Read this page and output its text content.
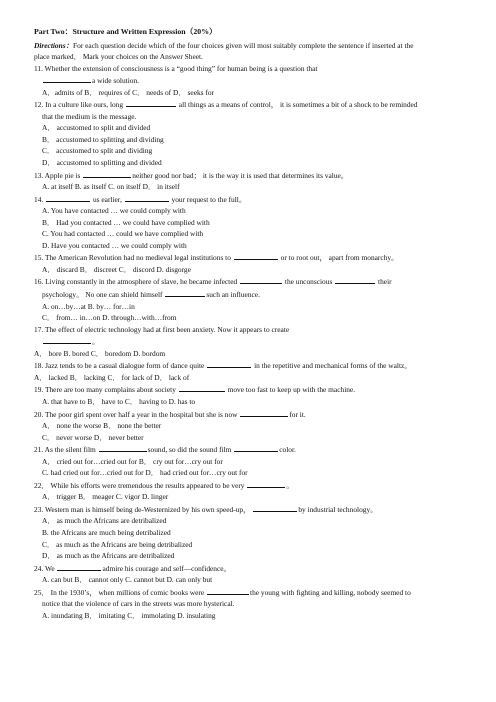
Part Two：Structure and Written Expression（20%）
Directions：For each question decide which of the four choices given will most suitably complete the sentence if inserted at the
place marked． Mark your choices on the Answer Sheet.
11. Whether the extension of consciousness is a “good thing” for human being is a question that
a wide solution.
A．admits of B． requires of C． needs of D． seeks for
12. In a culture like ours, long	all things as a means of control， it is sometimes a bit of a shock to be reminded
that the medium is the message.
A． accustomed to split and divided
B． accustomed to splitting and dividing
C． accustomed to split and dividing
D． accustomed to splitting and divided
13. Apple pie is	neither good nor bad； it is the way it is used that determines its value。
A. at itself B. as itself C. on itself D． in itself
14.	us earlier,	your request to the full。
A. You have contacted … we could comply with
B． Had you contacted … we could have complied with
C. You had contacted … could we have complied with
D. Have you contacted … we could comply with
15. The American Revolution had no medieval legal institutions to	or to root out， apart from monarchy。
A． discard B． discreet C． discord D. disgorge
16. Living constantly in the atmosphere of slave, he became infected	the unconscious	their
psychology。 No one can shield himself	such an influence.
A. on…by…at B. by… for…in
C． from… in…on D. through…with…from
17. The effect of electric technology had at first been anxiety. Now it appears to create
。
A． bore B. bored C． boredom D. bordom
18. Jazz tends to be a casual dialogue form of dance quite	in the repetitive and mechanical forms of the waltz。
A． lacked B． lacking C． for lack of D． lack of
19. There are too many complains about society	move too fast to keep up with the machine.
A. that have to B． have to C． having to D. has to
20. The poor girl spent over half a year in the hospital but she is now	for it.
A． none the worse B． none the better
C． never worse D． never better
21. As the silent film	sound, so did the sound film	color.
A． cried out for…cried out for B． cry out for…cry out for
C. had cried out for…cried out for D． had cried out for…cry out for
22． While his efforts were tremendous the results appeared to be very	。
A． trigger B． meager C. vigor D. linger
23. Western man is himself being de-Westernized by his own speed-up，	by industrial technology。
A． as much the Africans are detribalized
B. the Africans are much being detribalized
C． as much as the Africans are being detribalized
D． as much as the Africans are detribalized
24. We	admire his courage and self—confidence。
A. can but B． cannot only C. cannot but D. can only but
25． In the 1930’s， when millions of comic books were	the young with fighting and killing, nobody seemed to
notice that the violence of cars in the streets was more hysterical.
A. inundating B． imitating C． immolating D. insulating
